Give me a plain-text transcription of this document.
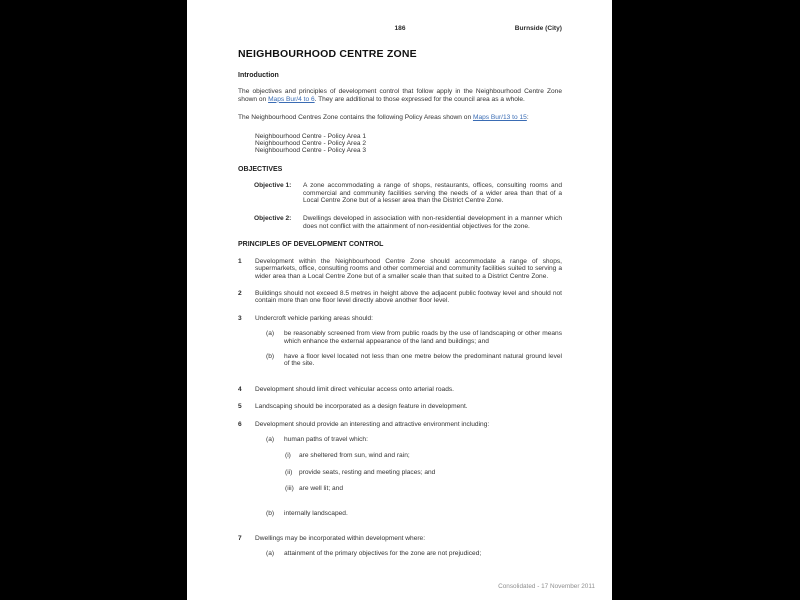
186	Burnside (City)
NEIGHBOURHOOD CENTRE ZONE
Introduction

The objectives and principles of development control that follow apply in the Neighbourhood Centre Zone shown on Maps Bur/4 to 6. They are additional to those expressed for the council area as a whole.

The Neighbourhood Centres Zone contains the following Policy Areas shown on Maps Bur/13 to 15:

Neighbourhood Centre - Policy Area 1
Neighbourhood Centre - Policy Area 2
Neighbourhood Centre - Policy Area 3
OBJECTIVES
Objective 1:	A zone accommodating a range of shops, restaurants, offices, consulting rooms and commercial and community facilities serving the needs of a wider area than that of a Local Centre Zone but of a lesser area than the District Centre Zone.
Objective 2:	Dwellings developed in association with non-residential development in a manner which does not conflict with the attainment of non-residential objectives for the zone.
PRINCIPLES OF DEVELOPMENT CONTROL
1	Development within the Neighbourhood Centre Zone should accommodate a range of shops, supermarkets, office, consulting rooms and other commercial and community facilities suited to serving a wider area than a Local Centre Zone but of a smaller scale than that suited to a District Centre Zone.
2	Buildings should not exceed 8.5 metres in height above the adjacent public footway level and should not contain more than one floor level directly above another floor level.
3	Undercroft vehicle parking areas should:
(a)	be reasonably screened from view from public roads by the use of landscaping or other means which enhance the external appearance of the land and buildings; and
(b)	have a floor level located not less than one metre below the predominant natural ground level of the site.
4	Development should limit direct vehicular access onto arterial roads.
5	Landscaping should be incorporated as a design feature in development.
6	Development should provide an interesting and attractive environment including:
(a)	human paths of travel which:
(i)	are sheltered from sun, wind and rain;
(ii)	provide seats, resting and meeting places; and
(iii) are well lit; and
(b)	internally landscaped.
7	Dwellings may be incorporated within development where:
(a)	attainment of the primary objectives for the zone are not prejudiced;
Consolidated - 17 November 2011
